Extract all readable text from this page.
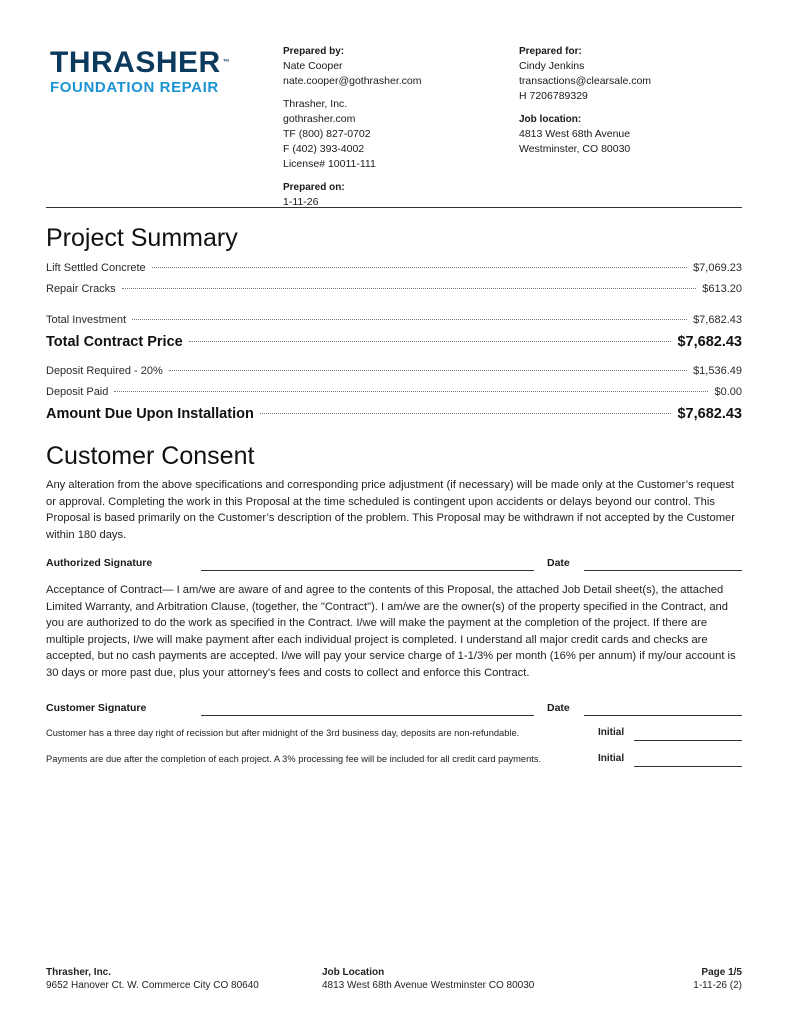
THRASHER ™
FOUNDATION REPAIR
Prepared by:
Nate Cooper
nate.cooper@gothrasher.com
Thrasher, Inc.
gothrasher.com
TF (800) 827-0702
F (402) 393-4002
License# 10011-111
Prepared on:
1-11-26
Prepared for:
Cindy Jenkins
transactions@clearsale.com
H 7206789329
Job location:
4813 West 68th Avenue
Westminster, CO 80030
Project Summary
Lift Settled Concrete	$7,069.23
Repair Cracks	$613.20
Total Investment	$7,682.43
Total Contract Price	$7,682.43
Deposit Required - 20%	$1,536.49
Deposit Paid	$0.00
Amount Due Upon Installation	$7,682.43
Customer Consent

Any alteration from the above specifications and corresponding price adjustment (if necessary) will be made only at the Customer’s request or approval. Completing the work in this Proposal at the time scheduled is contingent upon accidents or delays beyond our control. This Proposal is based primarily on the Customer’s description of the problem. This Proposal may be withdrawn if not accepted by the Customer within 180 days.

Authorized Signature	Date

Acceptance of Contract— I am/we are aware of and agree to the contents of this Proposal, the attached Job Detail sheet(s), the attached Limited Warranty, and Arbitration Clause, (together, the "Contract"). I am/we are the owner(s) of the property specified in the Contract, and you are authorized to do the work as specified in the Contract. I/we will make the payment at the completion of the project. If there are multiple projects, I/we will make payment after each individual project is completed. I understand all major credit cards and checks are accepted, but no cash payments are accepted. I/we will pay your service charge of 1-1/3% per month (16% per annum) if my/our account is 30 days or more past due, plus your attorney's fees and costs to collect and enforce this Contract.

Customer Signature	Date
Customer has a three day right of recission but after midnight of the 3rd business day, deposits are non-refundable.	Initial
Payments are due after the completion of each project. A 3% processing fee will be included for all credit card payments.	Initial
Thrasher, Inc.
9652 Hanover Ct. W. Commerce City CO 80640
Job Location
4813 West 68th Avenue Westminster CO 80030
Page 1/5
1-11-26 (2)
